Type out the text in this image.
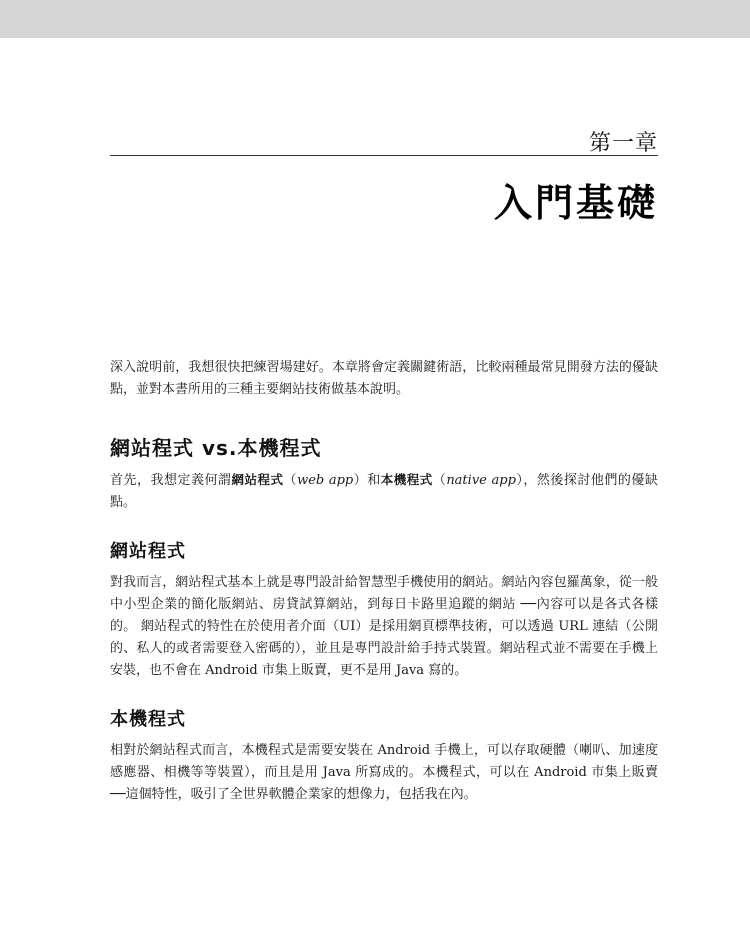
第一章
入門基礎

深入說明前，我想很快把練習場建好。本章將會定義關鍵術語，比較兩種最常見開發方法的優缺點，並對本書所用的三種主要網站技術做基本說明。

網站程式 vs.本機程式

首先，我想定義何謂網站程式（web app）和本機程式（native app），然後探討他們的優缺點。

網站程式

對我而言，網站程式基本上就是專門設計給智慧型手機使用的網站。網站內容包羅萬象，從一般中小型企業的簡化版網站、房貸試算網站，到每日卡路里追蹤的網站 ──內容可以是各式各樣的。 網站程式的特性在於使用者介面（UI）是採用網頁標準技術，可以透過 URL 連結（公開的、私人的或者需要登入密碼的），並且是專門設計給手持式裝置。網站程式並不需要在手機上安裝，也不會在 Android 市集上販賣，更不是用 Java 寫的。

本機程式

相對於網站程式而言，本機程式是需要安裝在 Android 手機上，可以存取硬體（喇叭、加速度感應器、相機等等裝置），而且是用 Java 所寫成的。本機程式，可以在 Android 市集上販賣──這個特性，吸引了全世界軟體企業家的想像力，包括我在內。
